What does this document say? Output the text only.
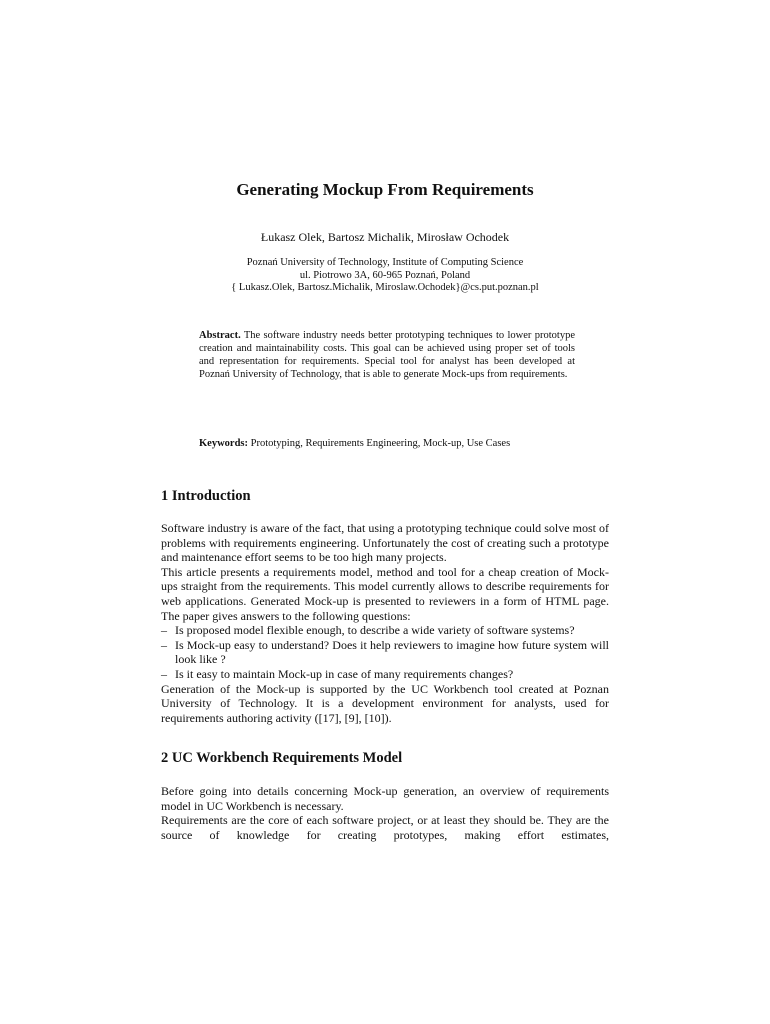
Generating Mockup From Requirements
Łukasz Olek, Bartosz Michalik, Mirosław Ochodek
Poznań University of Technology, Institute of Computing Science
ul. Piotrowo 3A, 60-965 Poznań, Poland
{ Lukasz.Olek, Bartosz.Michalik, Miroslaw.Ochodek}@cs.put.poznan.pl
Abstract. The software industry needs better prototyping techniques to lower prototype creation and maintainability costs. This goal can be achieved using proper set of tools and representation for requirements. Special tool for analyst has been developed at Poznań University of Technology, that is able to generate Mock-ups from requirements.
Keywords: Prototyping, Requirements Engineering, Mock-up, Use Cases
1 Introduction

Software industry is aware of the fact, that using a prototyping technique could solve most of problems with requirements engineering. Unfortunately the cost of creating such a prototype and maintenance effort seems to be too high many projects.

This article presents a requirements model, method and tool for a cheap creation of Mock-ups straight from the requirements. This model currently allows to describe requirements for web applications. Generated Mock-up is presented to reviewers in a form of HTML page. The paper gives answers to the following questions:

– Is proposed model flexible enough, to describe a wide variety of software systems?
– Is Mock-up easy to understand? Does it help reviewers to imagine how future system will look like ?
– Is it easy to maintain Mock-up in case of many requirements changes?

Generation of the Mock-up is supported by the UC Workbench tool created at Poznan University of Technology. It is a development environment for analysts, used for requirements authoring activity ([17], [9], [10]).

2 UC Workbench Requirements Model

Before going into details concerning Mock-up generation, an overview of requirements model in UC Workbench is necessary.

Requirements are the core of each software project, or at least they should be. They are the source of knowledge for creating prototypes, making effort estimates,
